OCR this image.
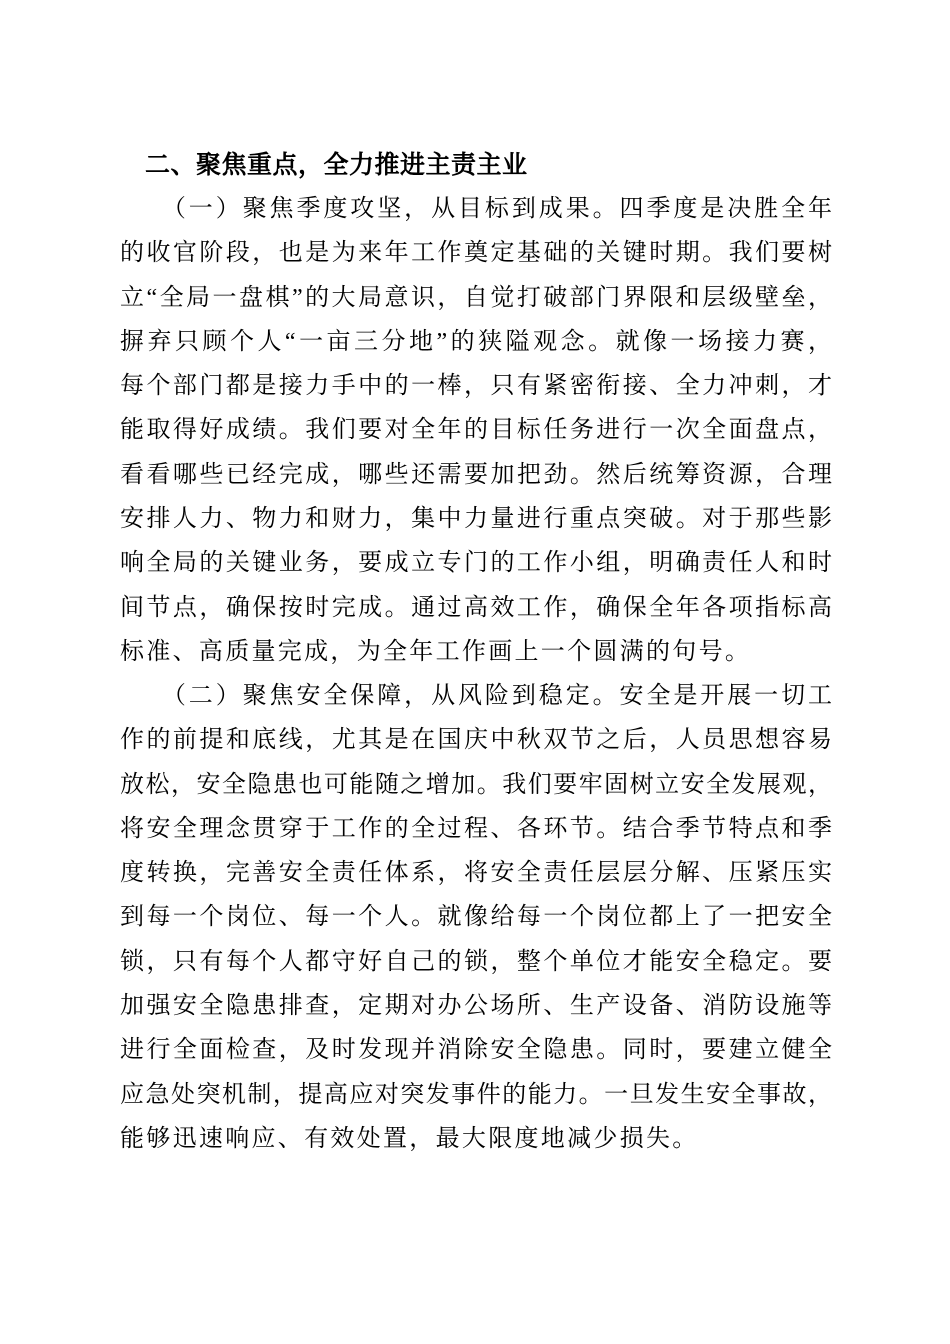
二、聚焦重点，全力推进主责主业
　　（一）聚焦季度攻坚，从目标到成果。四季度是决胜全年
的收官阶段，也是为来年工作奠定基础的关键时期。我们要树
立“全局一盘棋”的大局意识，自觉打破部门界限和层级壁垒，
摒弃只顾个人“一亩三分地”的狭隘观念。就像一场接力赛，
每个部门都是接力手中的一棒，只有紧密衔接、全力冲刺，才
能取得好成绩。我们要对全年的目标任务进行一次全面盘点，
看看哪些已经完成，哪些还需要加把劲。然后统筹资源，合理
安排人力、物力和财力，集中力量进行重点突破。对于那些影
响全局的关键业务，要成立专门的工作小组，明确责任人和时
间节点，确保按时完成。通过高效工作，确保全年各项指标高
标准、高质量完成，为全年工作画上一个圆满的句号。
　　（二）聚焦安全保障，从风险到稳定。安全是开展一切工
作的前提和底线，尤其是在国庆中秋双节之后，人员思想容易
放松，安全隐患也可能随之增加。我们要牢固树立安全发展观，
将安全理念贯穿于工作的全过程、各环节。结合季节特点和季
度转换，完善安全责任体系，将安全责任层层分解、压紧压实
到每一个岗位、每一个人。就像给每一个岗位都上了一把安全
锁，只有每个人都守好自己的锁，整个单位才能安全稳定。要
加强安全隐患排查，定期对办公场所、生产设备、消防设施等
进行全面检查，及时发现并消除安全隐患。同时，要建立健全
应急处突机制，提高应对突发事件的能力。一旦发生安全事故，
能够迅速响应、有效处置，最大限度地减少损失。
